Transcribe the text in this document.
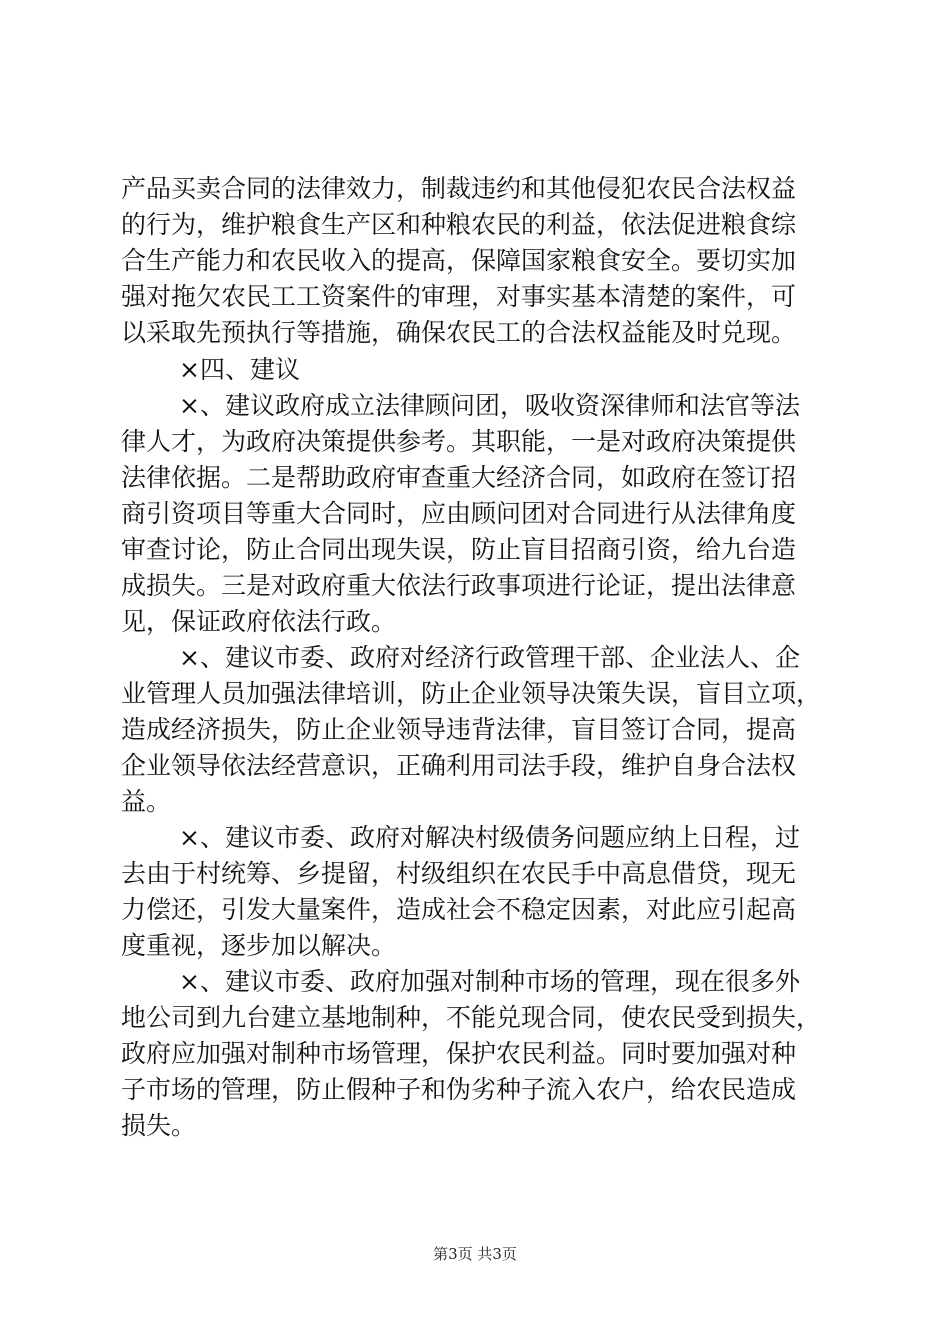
产品买卖合同的法律效力，制裁违约和其他侵犯农民合法权益
的行为，维护粮食生产区和种粮农民的利益，依法促进粮食综
合生产能力和农民收入的提高，保障国家粮食安全。要切实加
强对拖欠农民工工资案件的审理，对事实基本清楚的案件，可
以采取先预执行等措施，确保农民工的合法权益能及时兑现。
×四、建议
×、建议政府成立法律顾问团，吸收资深律师和法官等法
律人才，为政府决策提供参考。其职能，一是对政府决策提供
法律依据。二是帮助政府审查重大经济合同，如政府在签订招
商引资项目等重大合同时，应由顾问团对合同进行从法律角度
审查讨论，防止合同出现失误，防止盲目招商引资，给九台造
成损失。三是对政府重大依法行政事项进行论证，提出法律意
见，保证政府依法行政。
×、建议市委、政府对经济行政管理干部、企业法人、企
业管理人员加强法律培训，防止企业领导决策失误，盲目立项，
造成经济损失，防止企业领导违背法律，盲目签订合同，提高
企业领导依法经营意识，正确利用司法手段，维护自身合法权
益。
×、建议市委、政府对解决村级债务问题应纳上日程，过
去由于村统筹、乡提留，村级组织在农民手中高息借贷，现无
力偿还，引发大量案件，造成社会不稳定因素，对此应引起高
度重视，逐步加以解决。
×、建议市委、政府加强对制种市场的管理，现在很多外
地公司到九台建立基地制种，不能兑现合同，使农民受到损失，
政府应加强对制种市场管理，保护农民利益。同时要加强对种
子市场的管理，防止假种子和伪劣种子流入农户，给农民造成
损失。
第3页 共3页
